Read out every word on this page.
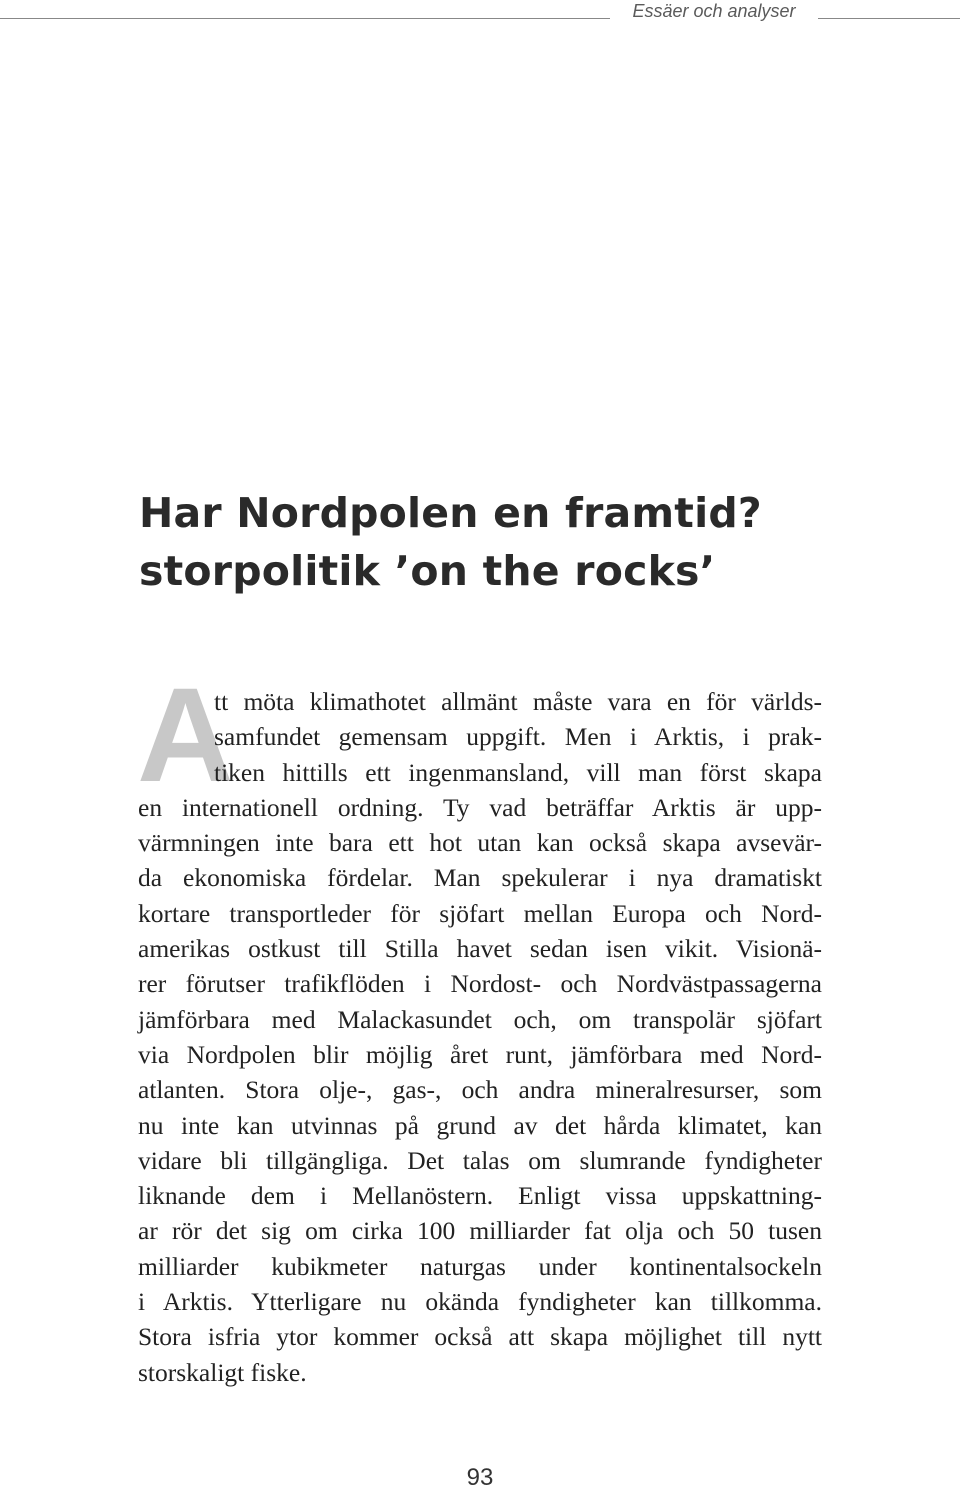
Essäer och analyser
Har Nordpolen en framtid?
storpolitik ’on the rocks’
A
tt möta klimathotet allmänt måste vara en för världs-
samfundet gemensam uppgift. Men i Arktis, i prak-
tiken hittills ett ingenmansland, vill man först skapa
en internationell ordning. Ty vad beträffar Arktis är upp-
värmningen inte bara ett hot utan kan också skapa avsevär-
da ekonomiska fördelar. Man spekulerar i nya dramatiskt
kortare transportleder för sjöfart mellan Europa och Nord-
amerikas ostkust till Stilla havet sedan isen vikit. Visionä-
rer förutser trafikflöden i Nordost- och Nordvästpassagerna
jämförbara med Malackasundet och, om transpolär sjöfart
via Nordpolen blir möjlig året runt, jämförbara med Nord-
atlanten. Stora olje-, gas-, och andra mineralresurser, som
nu inte kan utvinnas på grund av det hårda klimatet, kan
vidare bli tillgängliga. Det talas om slumrande fyndigheter
liknande dem i Mellanöstern. Enligt vissa uppskattning-
ar rör det sig om cirka 100 milliarder fat olja och 50 tusen
milliarder kubikmeter naturgas under kontinentalsockeln
i Arktis. Ytterligare nu okända fyndigheter kan tillkomma.
Stora isfria ytor kommer också att skapa möjlighet till nytt
storskaligt fiske.
93
